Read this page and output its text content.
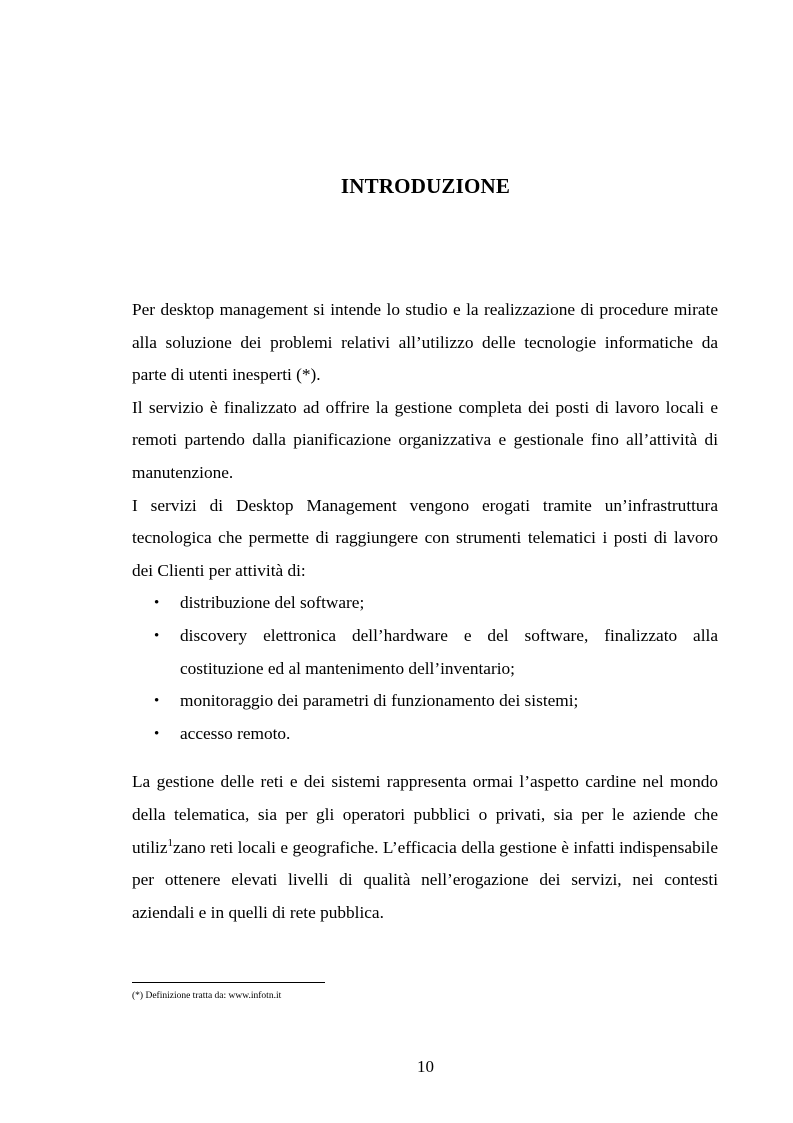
INTRODUZIONE

Per desktop management si intende lo studio e la realizzazione di procedure mirate alla soluzione dei problemi relativi all’utilizzo delle tecnologie informatiche da parte di utenti inesperti (*).

Il servizio è finalizzato ad offrire la gestione completa dei posti di lavoro locali e remoti partendo dalla pianificazione organizzativa e gestionale fino all’attività di manutenzione.

I servizi di Desktop Management vengono erogati tramite un’infrastruttura tecnologica che permette di raggiungere con strumenti telematici i posti di lavoro dei Clienti per attività di:

• distribuzione del software;
• discovery elettronica dell’hardware e del software, finalizzato alla costituzione ed al mantenimento dell’inventario;
• monitoraggio dei parametri di funzionamento dei sistemi;
• accesso remoto.

La gestione delle reti e dei sistemi rappresenta ormai l’aspetto cardine nel mondo della telematica, sia per gli operatori pubblici o privati, sia per le aziende che utiliz$^1$zano reti locali e geografiche. L’efficacia della gestione è infatti indispensabile per ottenere elevati livelli di qualità nell’erogazione dei servizi, nei contesti aziendali e in quelli di rete pubblica.

(*) Definizione tratta da: www.infotn.it
10
